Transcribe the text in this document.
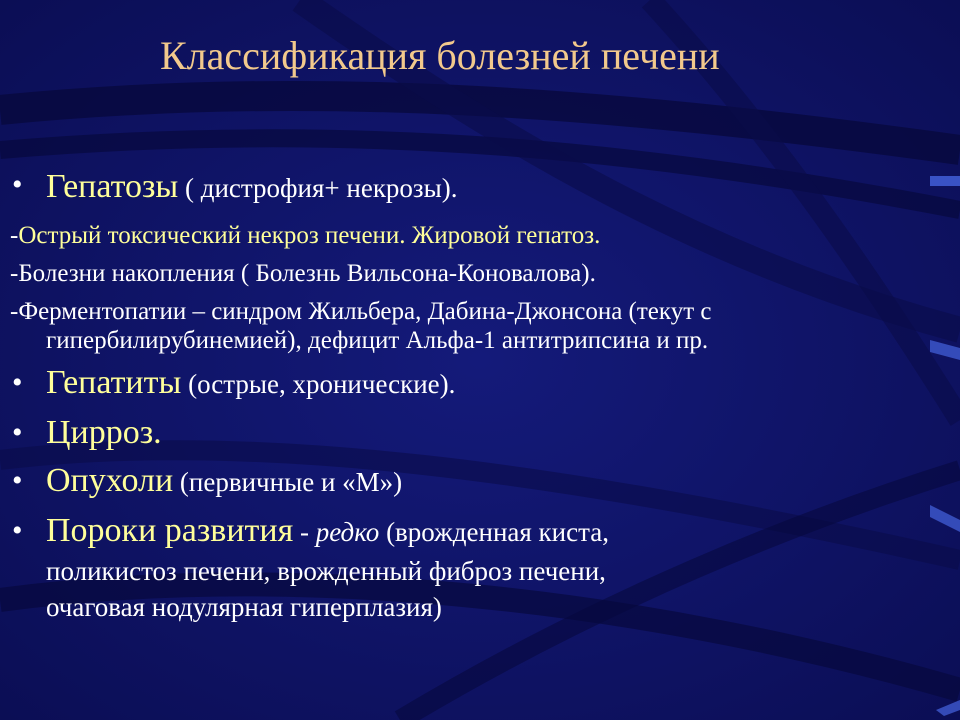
Классификация болезней печени
• Гепатозы ( дистрофия+ некрозы).
-Острый токсический некроз печени. Жировой гепатоз.
-Болезни накопления ( Болезнь Вильсона-Коновалова).
-Ферментопатии – синдром Жильбера, Дабина-Джонсона (текут с
гипербилирубинемией), дефицит Альфа-1 антитрипсина и пр.
• Гепатиты (острые, хронические).
• Цирроз.
• Опухоли (первичные и «М»)
• Пороки развития - редко (врожденная киста,
поликистоз печени, врожденный фиброз печени,
очаговая нодулярная гиперплазия)
